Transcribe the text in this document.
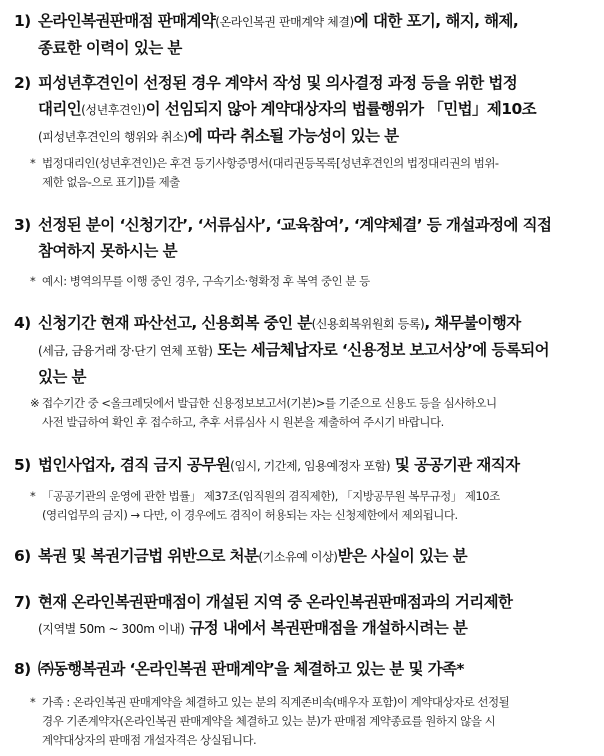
1) 온라인복권판매점 판매계약(온라인복권 판매계약 체결)에 대한 포기, 해지, 해제,
종료한 이력이 있는 분
2) 피성년후견인이 선정된 경우 계약서 작성 및 의사결정 과정 등을 위한 법정
대리인(성년후견인)이 선임되지 않아 계약대상자의 법률행위가 「민법」제10조
(피성년후견인의 행위와 취소)에 따라 취소될 가능성이 있는 분
* 법정대리인(성년후견인)은 후견 등기사항증명서(대리권등목록[성년후견인의 법정대리권의 범위-
제한 없음-으로 표기])를 제출
3) 선정된 분이 ‘신청기간’, ‘서류심사’, ‘교육참여’, ‘계약체결’ 등 개설과정에 직접
참여하지 못하시는 분
* 예시: 병역의무를 이행 중인 경우, 구속기소·형확정 후 복역 중인 분 등
4) 신청기간 현재 파산선고, 신용회복 중인 분(신용회복위원회 등록), 채무불이행자
(세금, 금융거래 장·단기 연체 포함) 또는 세금체납자로 ‘신용정보 보고서상’에 등록되어
있는 분
※ 접수기간 중 <올크레딧에서 발급한 신용정보보고서(기본)>를 기준으로 신용도 등을 심사하오니
사전 발급하여 확인 후 접수하고, 추후 서류심사 시 원본을 제출하여 주시기 바랍니다.
5) 법인사업자, 겸직 금지 공무원(임시, 기간제, 임용예정자 포함) 및 공공기관 재직자
* 「공공기관의 운영에 관한 법률」 제37조(임직원의 겸직제한), 「지방공무원 복무규정」 제10조
(영리업무의 금지) → 다만, 이 경우에도 겸직이 허용되는 자는 신청제한에서 제외됩니다.
6) 복권 및 복권기금법 위반으로 처분(기소유예 이상)받은 사실이 있는 분
7) 현재 온라인복권판매점이 개설된 지역 중 온라인복권판매점과의 거리제한
(지역별 50m ~ 300m 이내) 규정 내에서 복권판매점을 개설하시려는 분
8) ㈜동행복권과 ‘온라인복권 판매계약’을 체결하고 있는 분 및 가족*
* 가족 : 온라인복권 판매계약을 체결하고 있는 분의 직계존비속(배우자 포함)이 계약대상자로 선정될
경우 기존계약자(온라인복권 판매계약을 체결하고 있는 분)가 판매점 계약종료를 원하지 않을 시
계약대상자의 판매점 개설자격은 상실됩니다.
